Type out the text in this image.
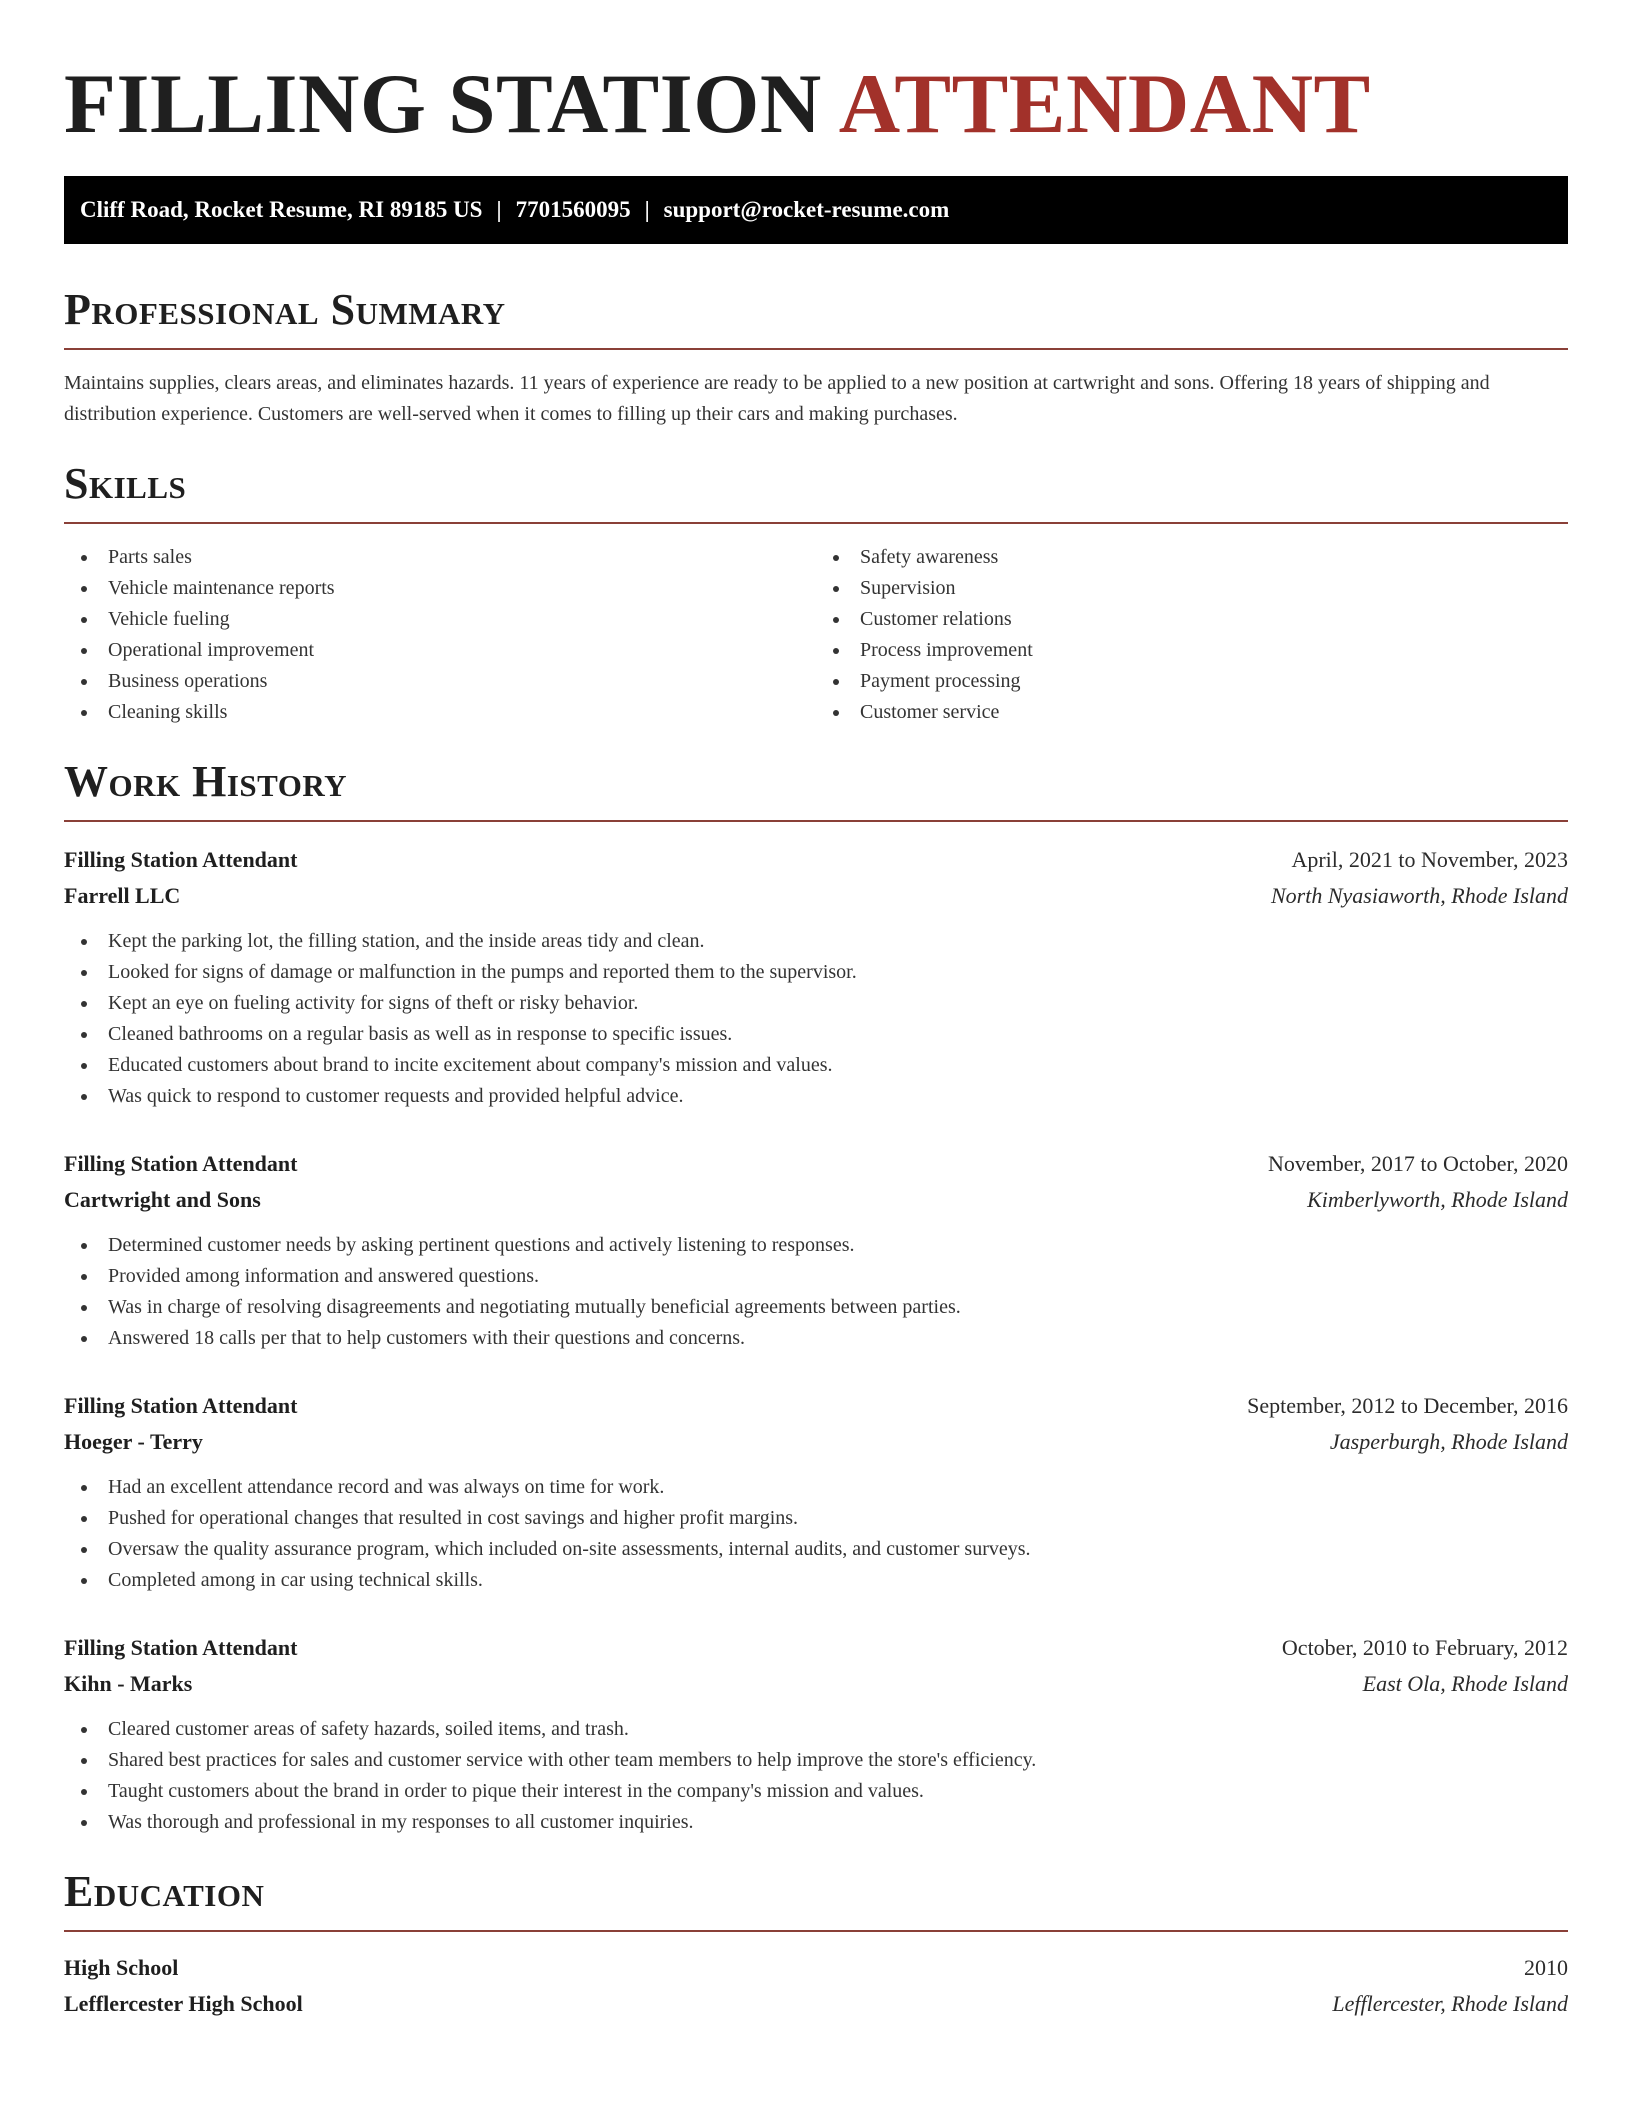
FILLING STATION ATTENDANT
Cliff Road, Rocket Resume, RI 89185 US | 7701560095 | support@rocket-resume.com
Professional Summary

Maintains supplies, clears areas, and eliminates hazards. 11 years of experience are ready to be applied to a new position at cartwright and sons. Offering 18 years of shipping and distribution experience. Customers are well-served when it comes to filling up their cars and making purchases.

Skills
Parts sales
Vehicle maintenance reports
Vehicle fueling
Operational improvement
Business operations
Cleaning skills
Safety awareness
Supervision
Customer relations
Process improvement
Payment processing
Customer service
Work History
Filling Station Attendant	April, 2021 to November, 2023
Farrell LLC	North Nyasiaworth, Rhode Island
Kept the parking lot, the filling station, and the inside areas tidy and clean.
Looked for signs of damage or malfunction in the pumps and reported them to the supervisor.
Kept an eye on fueling activity for signs of theft or risky behavior.
Cleaned bathrooms on a regular basis as well as in response to specific issues.
Educated customers about brand to incite excitement about company's mission and values.
Was quick to respond to customer requests and provided helpful advice.
Filling Station Attendant	November, 2017 to October, 2020
Cartwright and Sons	Kimberlyworth, Rhode Island
Determined customer needs by asking pertinent questions and actively listening to responses.
Provided among information and answered questions.
Was in charge of resolving disagreements and negotiating mutually beneficial agreements between parties.
Answered 18 calls per that to help customers with their questions and concerns.
Filling Station Attendant	September, 2012 to December, 2016
Hoeger - Terry	Jasperburgh, Rhode Island
Had an excellent attendance record and was always on time for work.
Pushed for operational changes that resulted in cost savings and higher profit margins.
Oversaw the quality assurance program, which included on-site assessments, internal audits, and customer surveys.
Completed among in car using technical skills.
Filling Station Attendant	October, 2010 to February, 2012
Kihn - Marks	East Ola, Rhode Island
Cleared customer areas of safety hazards, soiled items, and trash.
Shared best practices for sales and customer service with other team members to help improve the store's efficiency.
Taught customers about the brand in order to pique their interest in the company's mission and values.
Was thorough and professional in my responses to all customer inquiries.
Education
High School	2010
Lefflercester High School	Lefflercester, Rhode Island
